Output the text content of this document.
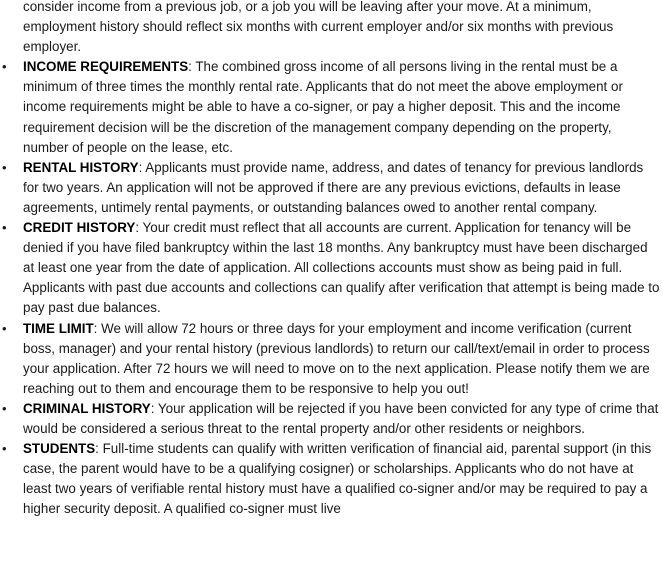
consider income from a previous job, or a job you will be leaving after your move. At a minimum, employment history should reflect six months with current employer and/or six months with previous employer.

• INCOME REQUIREMENTS: The combined gross income of all persons living in the rental must be a minimum of three times the monthly rental rate. Applicants that do not meet the above employment or income requirements might be able to have a co-signer, or pay a higher deposit. This and the income requirement decision will be the discretion of the management company depending on the property, number of people on the lease, etc.
• RENTAL HISTORY: Applicants must provide name, address, and dates of tenancy for previous landlords for two years. An application will not be approved if there are any previous evictions, defaults in lease agreements, untimely rental payments, or outstanding balances owed to another rental company.
• CREDIT HISTORY: Your credit must reflect that all accounts are current. Application for tenancy will be denied if you have filed bankruptcy within the last 18 months. Any bankruptcy must have been discharged at least one year from the date of application. All collections accounts must show as being paid in full. Applicants with past due accounts and collections can qualify after verification that attempt is being made to pay past due balances.
• TIME LIMIT: We will allow 72 hours or three days for your employment and income verification (current boss, manager) and your rental history (previous landlords) to return our call/text/email in order to process your application. After 72 hours we will need to move on to the next application. Please notify them we are reaching out to them and encourage them to be responsive to help you out!
• CRIMINAL HISTORY: Your application will be rejected if you have been convicted for any type of crime that would be considered a serious threat to the rental property and/or other residents or neighbors.
• STUDENTS: Full-time students can qualify with written verification of financial aid, parental support (in this case, the parent would have to be a qualifying cosigner) or scholarships. Applicants who do not have at least two years of verifiable rental history must have a qualified co-signer and/or may be required to pay a higher security deposit. A qualified co-signer must live
